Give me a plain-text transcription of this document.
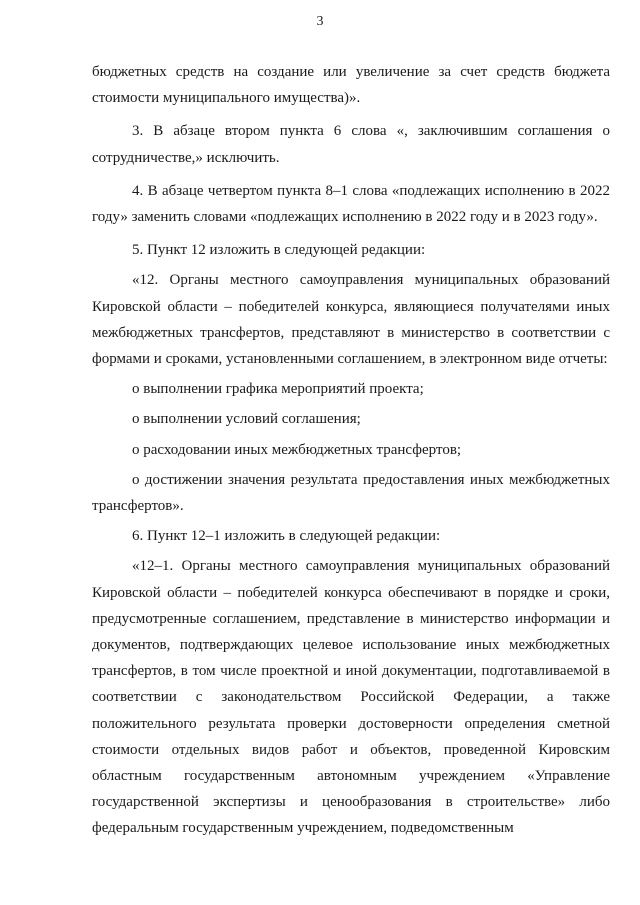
3

бюджетных средств на создание или увеличение за счет средств бюджета стоимости муниципального имущества)».

3. В абзаце втором пункта 6 слова «, заключившим соглашения о сотрудничестве,» исключить.

4. В абзаце четвертом пункта 8–1 слова «подлежащих исполнению в 2022 году» заменить словами «подлежащих исполнению в 2022 году и в 2023 году».

5. Пункт 12 изложить в следующей редакции:

«12. Органы местного самоуправления муниципальных образований Кировской области – победителей конкурса, являющиеся получателями иных межбюджетных трансфертов, представляют в министерство в соответствии с формами и сроками, установленными соглашением, в электронном виде отчеты:

о выполнении графика мероприятий проекта;

о выполнении условий соглашения;

о расходовании иных межбюджетных трансфертов;

о достижении значения результата предоставления иных межбюджетных трансфертов».

6. Пункт 12–1 изложить в следующей редакции:

«12–1. Органы местного самоуправления муниципальных образований Кировской области – победителей конкурса обеспечивают в порядке и сроки, предусмотренные соглашением, представление в министерство информации и документов, подтверждающих целевое использование иных межбюджетных трансфертов, в том числе проектной и иной документации, подготавливаемой в соответствии с законодательством Российской Федерации, а также положительного результата проверки достоверности определения сметной стоимости отдельных видов работ и объектов, проведенной Кировским областным государственным автономным учреждением «Управление государственной экспертизы и ценообразования в строительстве» либо федеральным государственным учреждением, подведомственным
